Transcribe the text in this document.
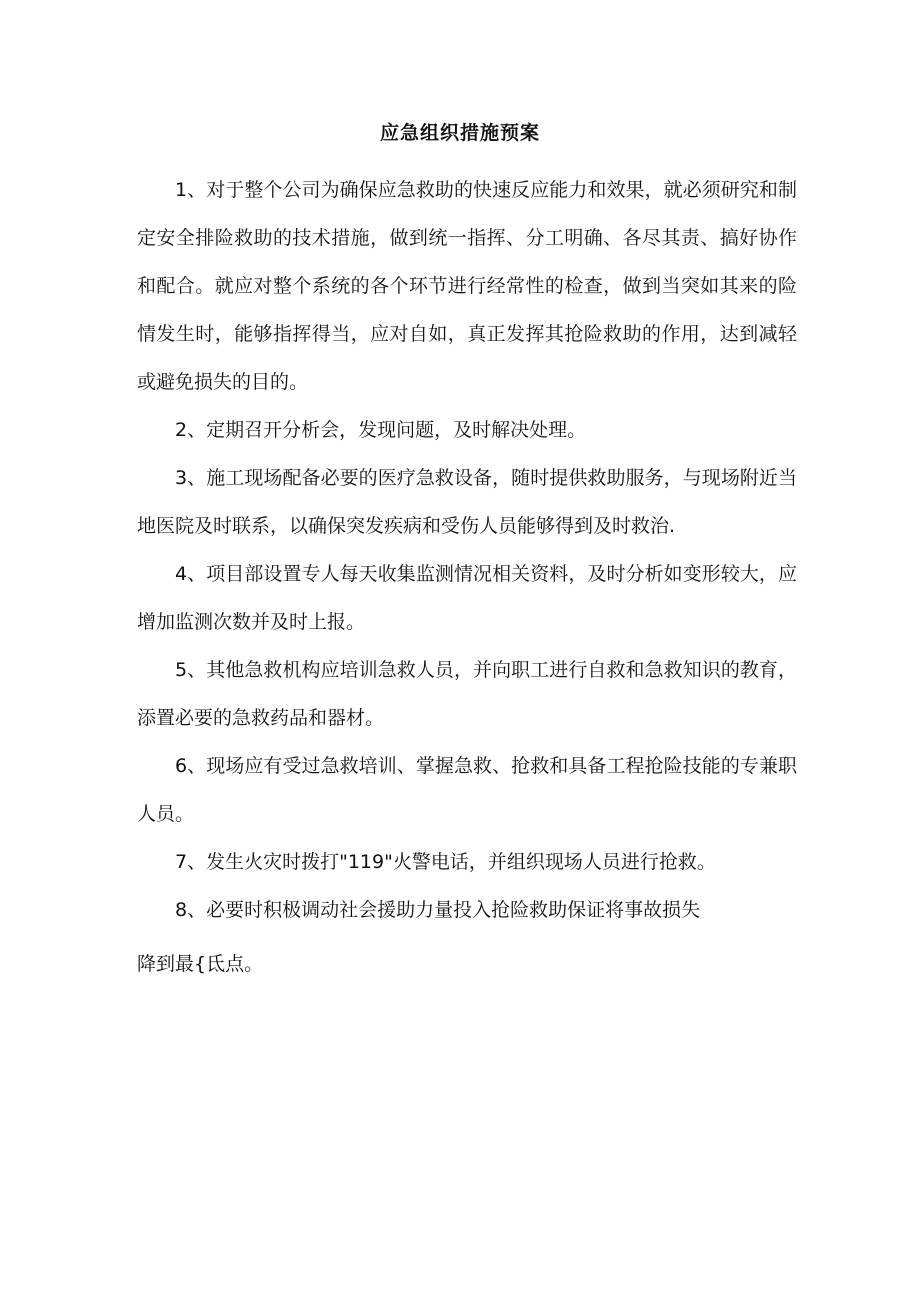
应急组织措施预案

1、对于整个公司为确保应急救助的快速反应能力和效果，就必须研究和制定安全排险救助的技术措施，做到统一指挥、分工明确、各尽其责、搞好协作和配合。就应对整个系统的各个环节进行经常性的检查，做到当突如其来的险情发生时，能够指挥得当，应对自如，真正发挥其抢险救助的作用，达到减轻或避免损失的目的。

2、定期召开分析会，发现问题，及时解决处理。

3、施工现场配备必要的医疗急救设备，随时提供救助服务，与现场附近当地医院及时联系，以确保突发疾病和受伤人员能够得到及时救治.

4、项目部设置专人每天收集监测情况相关资料，及时分析如变形较大，应增加监测次数并及时上报。

5、其他急救机构应培训急救人员，并向职工进行自救和急救知识的教育，添置必要的急救药品和器材。

6、现场应有受过急救培训、掌握急救、抢救和具备工程抢险技能的专兼职人员。

7、发生火灾时拨打"119"火警电话，并组织现场人员进行抢救。

8、必要时积极调动社会援助力量投入抢险救助保证将事故损失

降到最{氐点。
